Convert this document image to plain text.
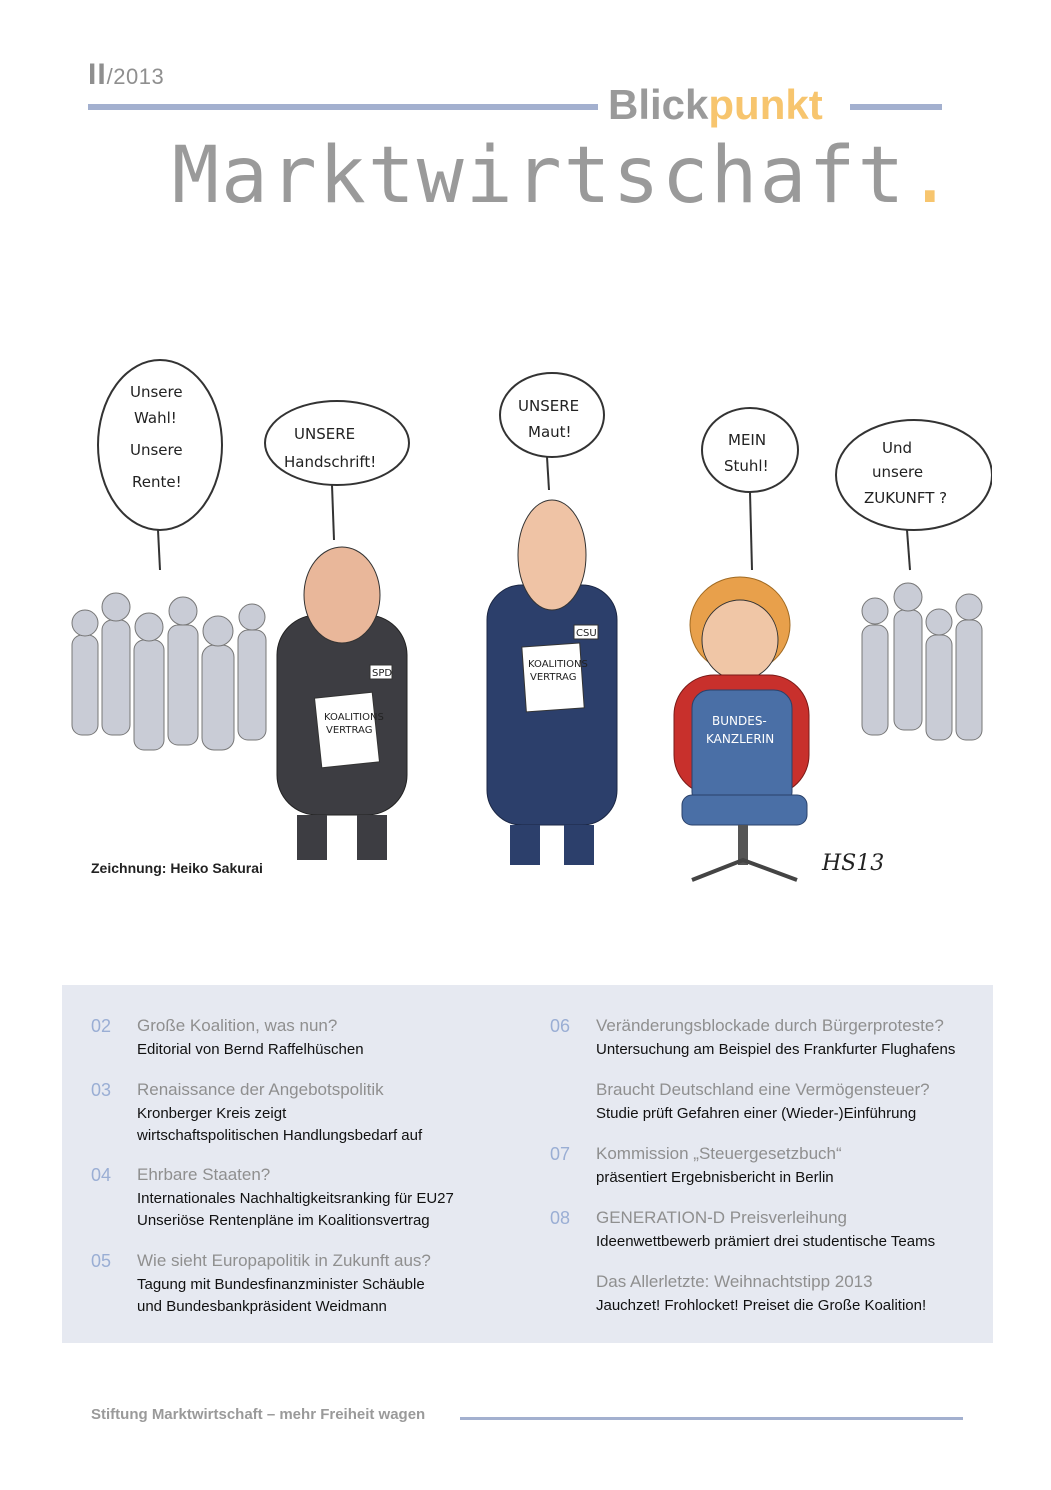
II/2013
Blickpunkt
Marktwirtschaft.
Unsere
Wahl!
Unsere
Rente!
UNSERE
Handschrift!
UNSERE
Maut!	MEIN
Stuhl!
Und
unsere
ZUKUNFT ?
KOALITIONS
VERTRAG
SPD
KOALITIONS
VERTRAG
CSU
BUNDES-
KANZLERIN
HS13
Zeichnung: Heiko Sakurai
02	Große Koalition, was nun?
Editorial von Bernd Raffelhüschen
03	Renaissance der Angebotspolitik
Kronberger Kreis zeigt
wirtschaftspolitischen Handlungsbedarf auf
04	Ehrbare Staaten?
Internationales Nachhaltigkeitsranking für EU27
Unseriöse Rentenpläne im Koalitionsvertrag
05	Wie sieht Europapolitik in Zukunft aus?
Tagung mit Bundesfinanzminister Schäuble
und Bundesbankpräsident Weidmann
06	Veränderungsblockade durch Bürgerproteste?
Untersuchung am Beispiel des Frankfurter Flughafens
Braucht Deutschland eine Vermögensteuer?
Studie prüft Gefahren einer (Wieder-)Einführung
07	Kommission „Steuergesetzbuch“
präsentiert Ergebnisbericht in Berlin
08	GENERATION-D Preisverleihung
Ideenwettbewerb prämiert drei studentische Teams
Das Allerletzte: Weihnachtstipp 2013
Jauchzet! Frohlocket! Preiset die Große Koalition!
Stiftung Marktwirtschaft – mehr Freiheit wagen
